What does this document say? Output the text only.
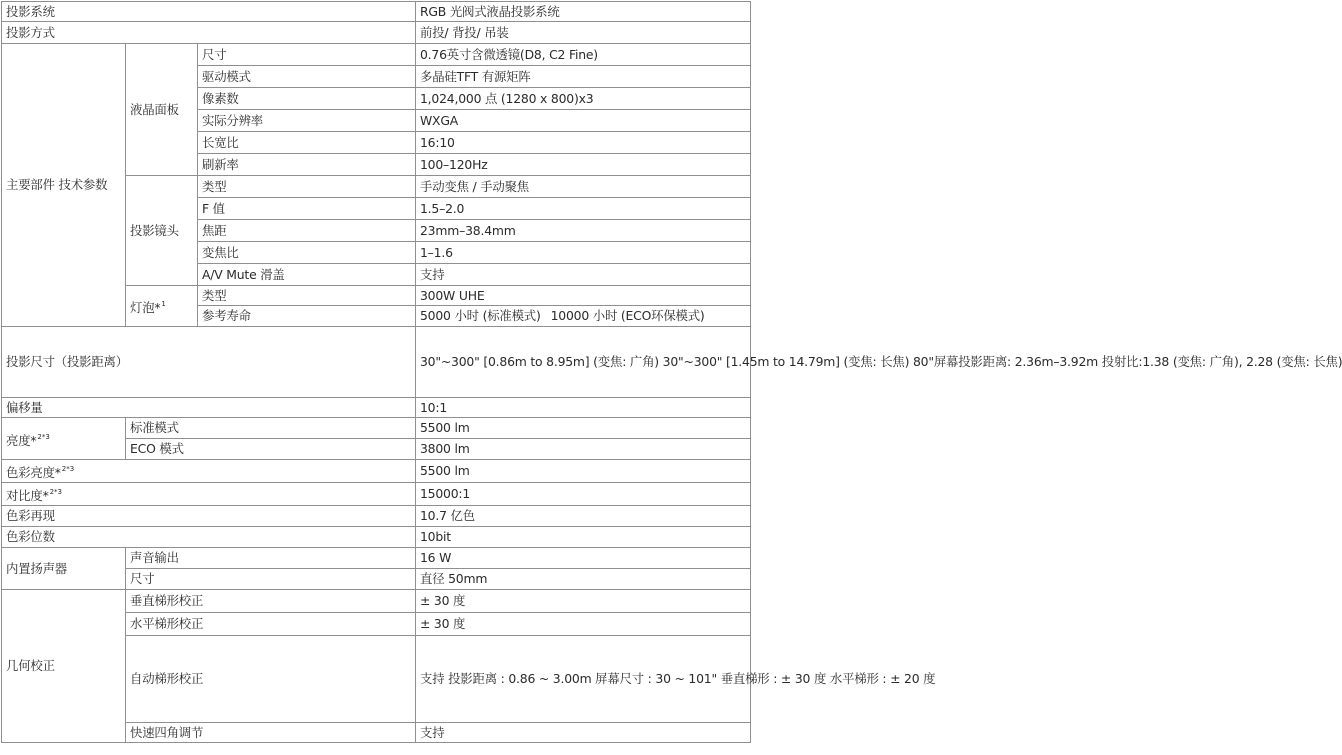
投影系统			RGB 光阀式液晶投影系统
投影方式			前投/ 背投/ 吊装
主要部件 技术参数	液晶面板	尺寸	0.76英寸含微透镜(D8, C2 Fine)
		驱动模式	多晶硅TFT 有源矩阵
		像素数	1,024,000 点 (1280 x 800)x3
		实际分辨率	WXGA
		长宽比	16:10
		刷新率	100–120Hz
	投影镜头	类型	手动变焦 / 手动聚焦
		F 值	1.5–2.0
		焦距	23mm–38.4mm
		变焦比	1–1.6
		A/V Mute 滑盖	支持
	灯泡*$^1$	类型	300W UHE
		参考寿命	5000 小时 (标准模式) 10000 小时 (ECO环保模式)
投影尺寸（投影距离）			30"~300" [0.86m to 8.95m] (变焦: 广角) 30"~300" [1.45m to 14.79m] (变焦: 长焦) 80"屏幕投影距离: 2.36m–3.92m 投射比:1.38 (变焦: 广角), 2.28 (变焦: 长焦)
偏移量			10:1
亮度*$^{2*3}$	标准模式		5500 lm
	ECO 模式		3800 lm
色彩亮度*$^{2*3}$			5500 lm
对比度*$^{2*3}$			15000:1
色彩再现			10.7 亿色
色彩位数			10bit
内置扬声器	声音输出		16 W
	尺寸		直径 50mm
几何校正	垂直梯形校正		± 30 度
	水平梯形校正		± 30 度
	自动梯形校正		支持 投影距离 : 0.86 ~ 3.00m 屏幕尺寸 : 30 ~ 101" 垂直梯形 : ± 30 度 水平梯形 : ± 20 度
	快速四角调节		支持
